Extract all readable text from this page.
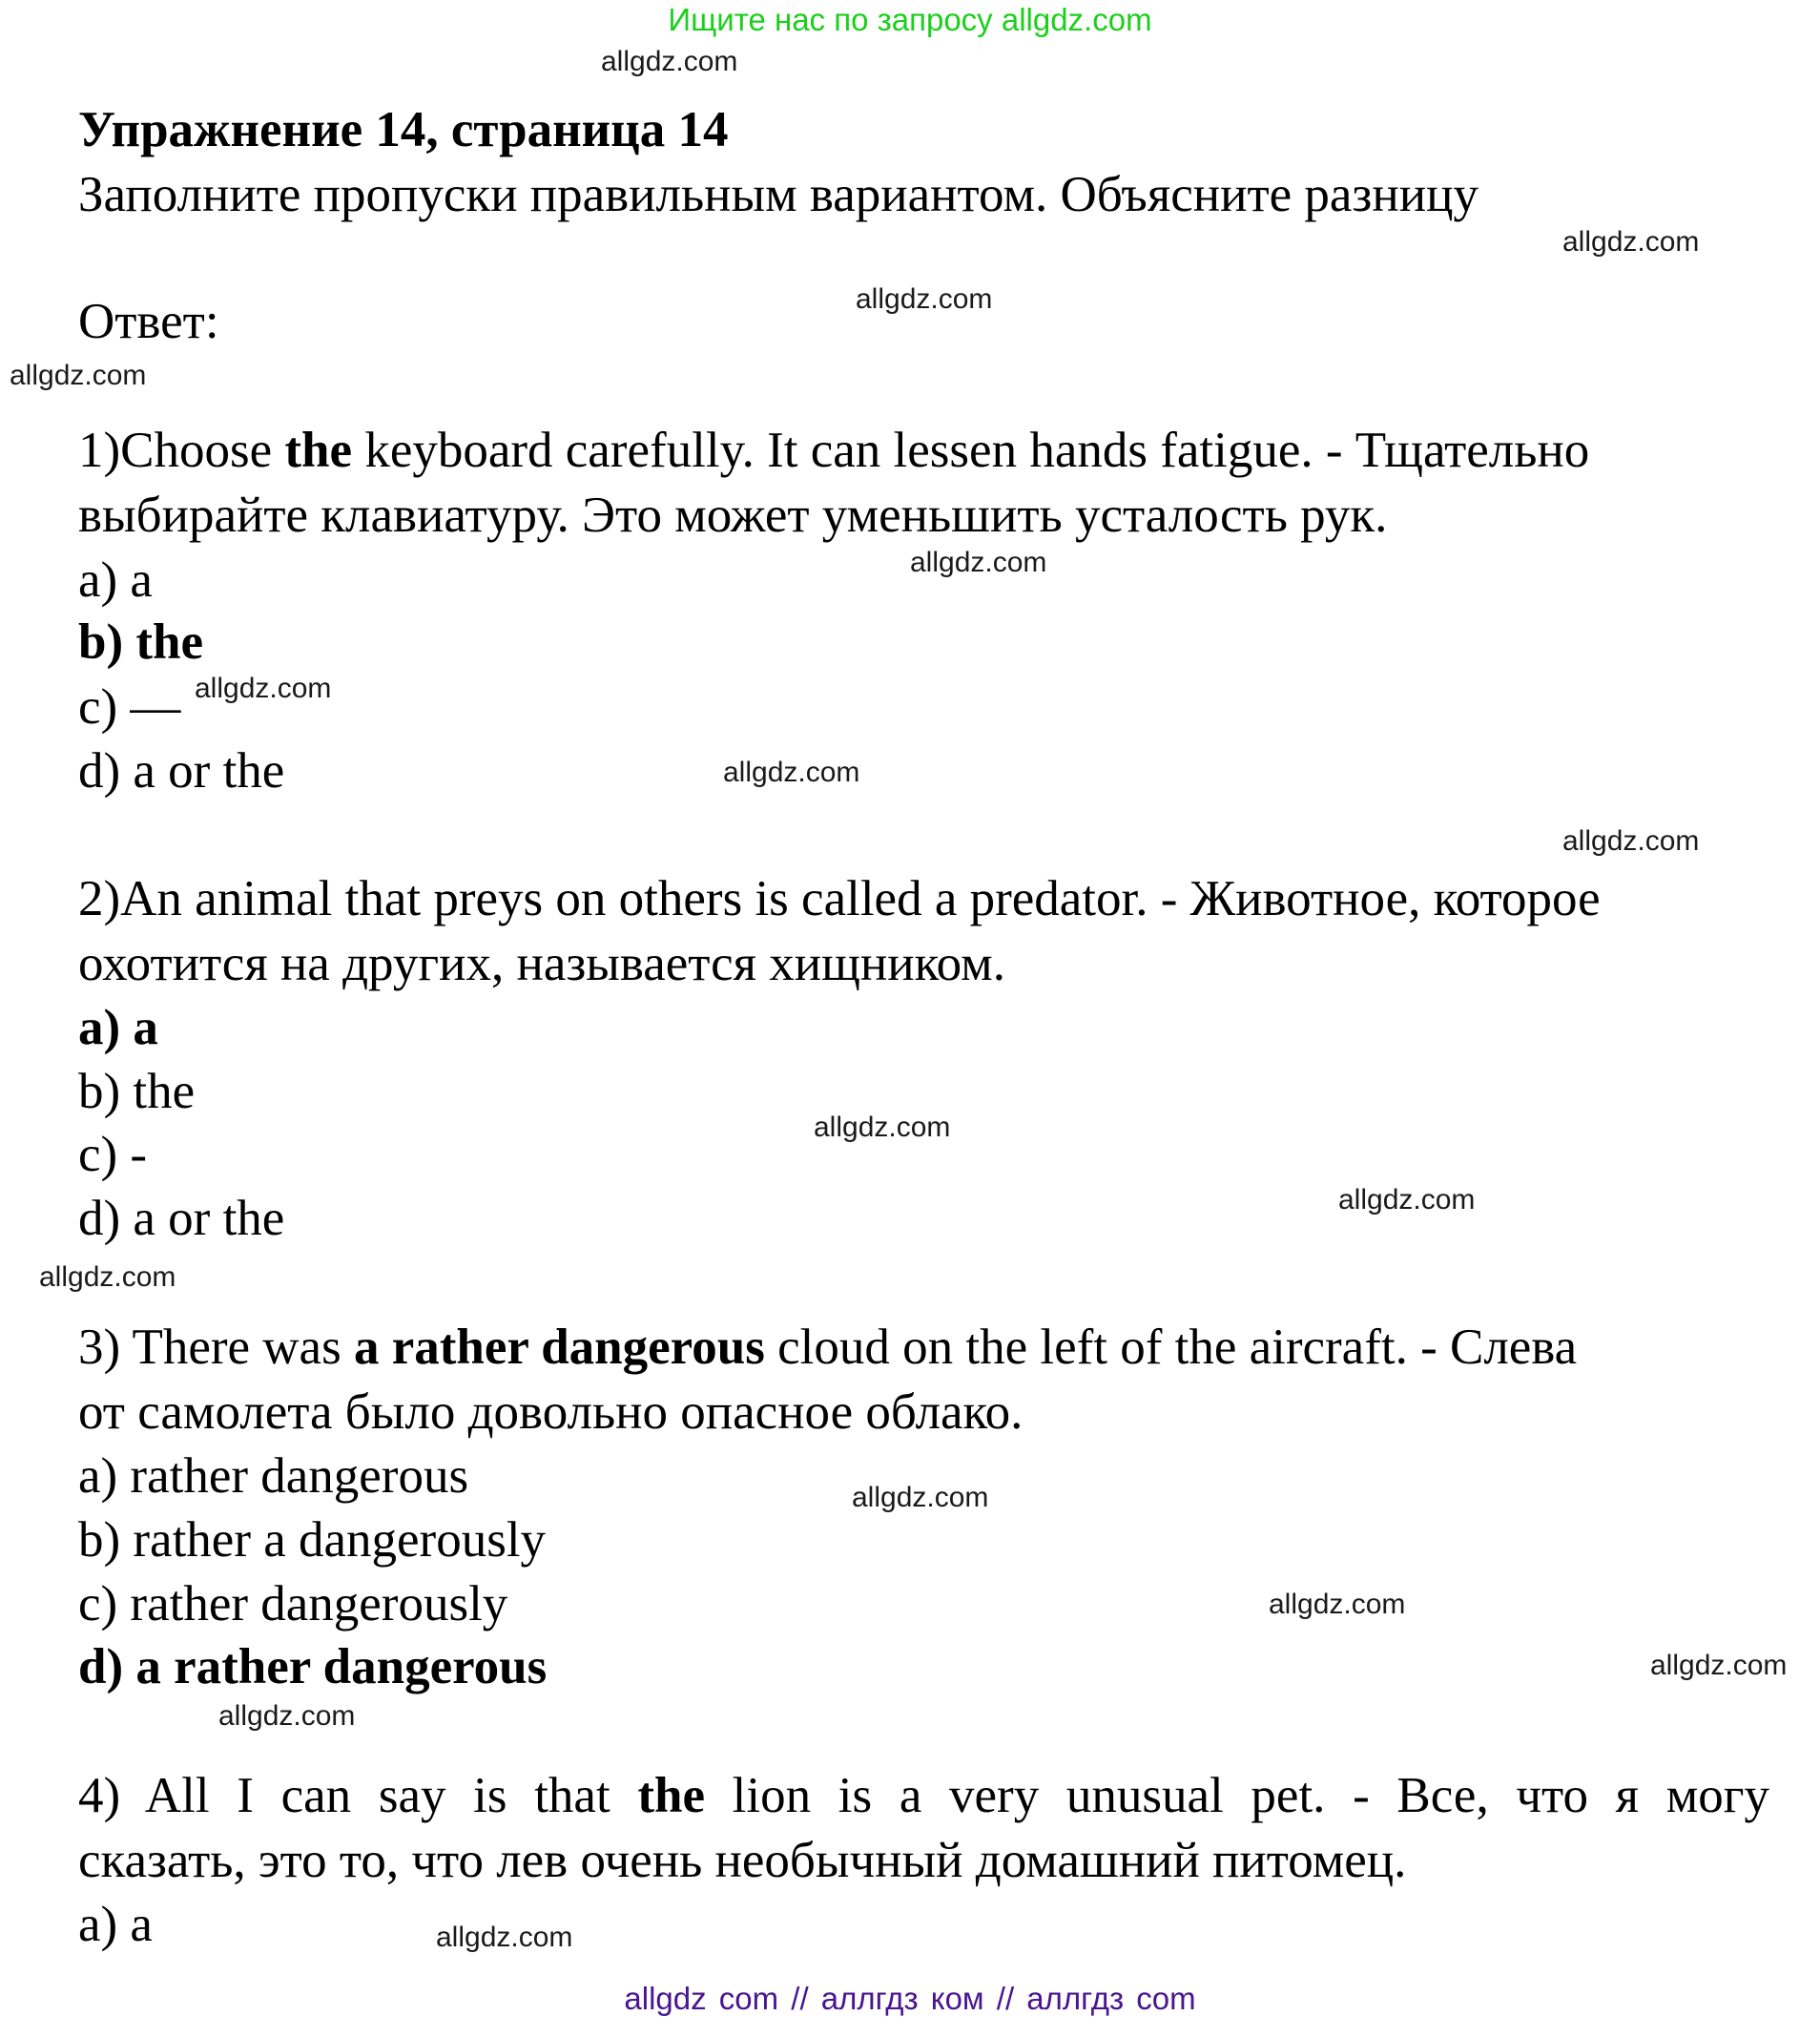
Ищите нас по запросу allgdz.com
Упражнение 14, страница 14
Заполните пропуски правильным вариантом. Объясните разницу
Ответ:
1)Choose the keyboard carefully. It can lessen hands fatigue. - Тщательно
выбирайте клавиатуру. Это может уменьшить усталость рук.
a) a
b) the
c) —
d) a or the
2)An animal that preys on others is called a predator. - Животное, которое
охотится на других, называется хищником.
a) a
b) the
c) -
d) a or the
3) There was a rather dangerous cloud on the left of the aircraft. - Слева
от самолета было довольно опасное облако.
a) rather dangerous
b) rather a dangerously
c) rather dangerously
d) a rather dangerous
4) All I can say is that the lion is a very unusual pet. - Все, что я могу
сказать, это то, что лев очень необычный домашний питомец.
a) a
allgdz.com
allgdz.com
allgdz.com
allgdz.com
allgdz.com
allgdz.com
allgdz.com
allgdz.com
allgdz.com
allgdz.com
allgdz.com
allgdz.com
allgdz.com
allgdz.com
allgdz.com
allgdz.com
allgdz com // аллгдз ком // аллгдз com
